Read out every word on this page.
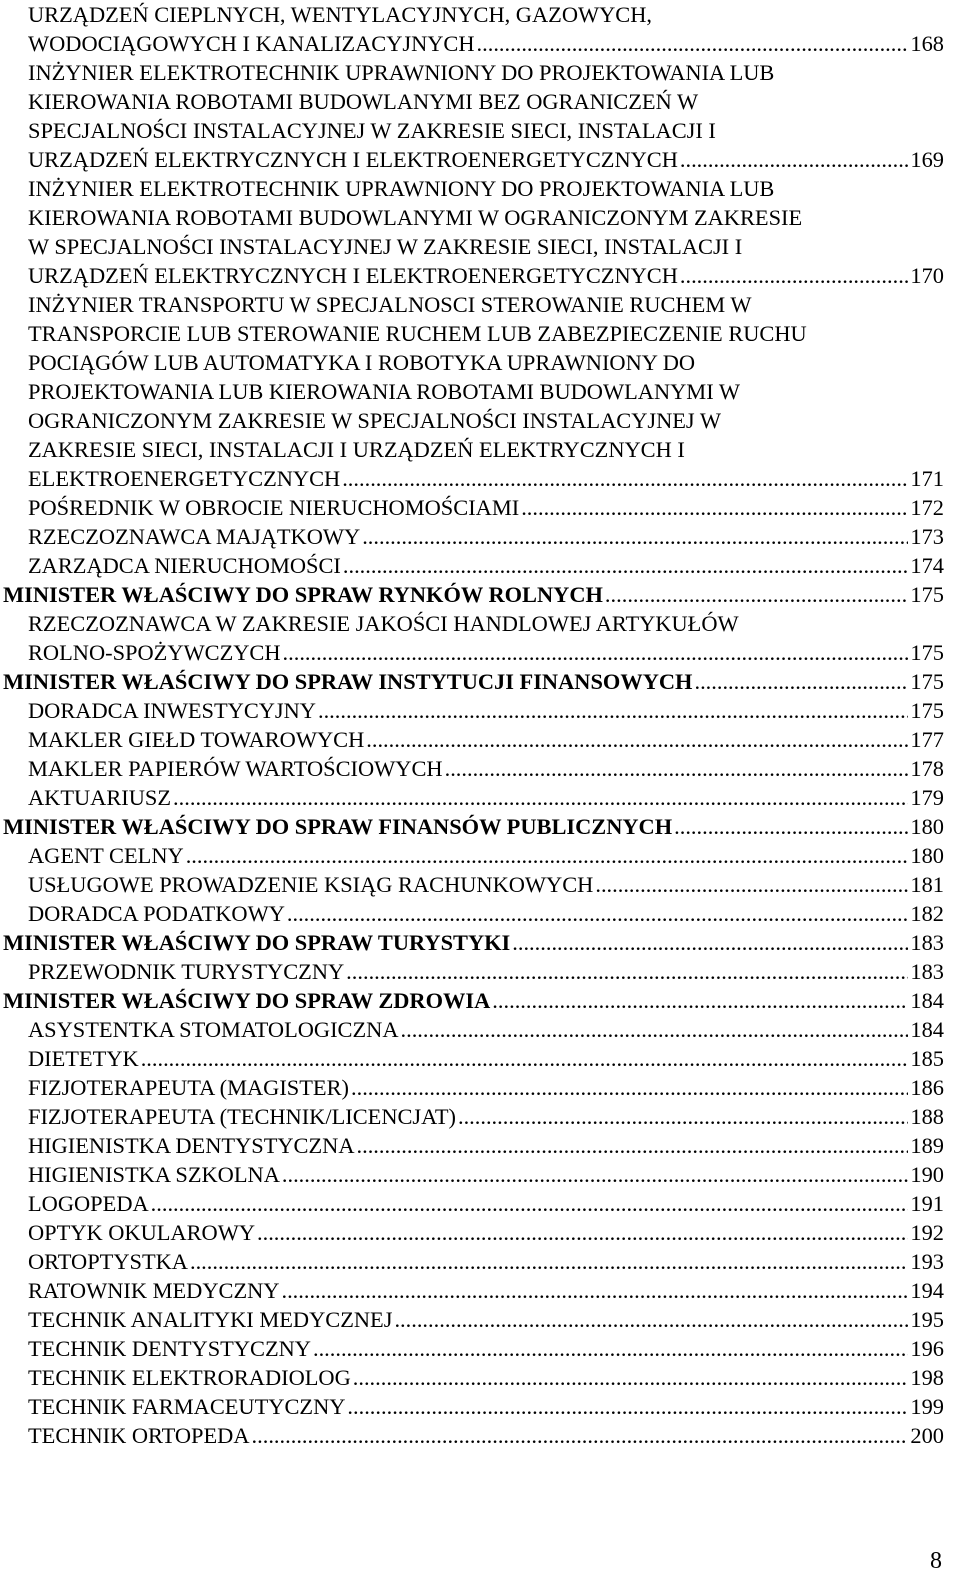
URZĄDZEŃ CIEPLNYCH, WENTYLACYJNYCH, GAZOWYCH,
WODOCIĄGOWYCH I KANALIZACYJNYCH .....	168
INŻYNIER ELEKTROTECHNIK UPRAWNIONY DO PROJEKTOWANIA LUB
KIEROWANIA ROBOTAMI BUDOWLANYMI BEZ OGRANICZEŃ W
SPECJALNOŚCI INSTALACYJNEJ W ZAKRESIE SIECI, INSTALACJI I
URZĄDZEŃ ELEKTRYCZNYCH I ELEKTROENERGETYCZNYCH .....	169
INŻYNIER ELEKTROTECHNIK UPRAWNIONY DO PROJEKTOWANIA LUB
KIEROWANIA ROBOTAMI BUDOWLANYMI W OGRANICZONYM ZAKRESIE
W SPECJALNOŚCI INSTALACYJNEJ W ZAKRESIE SIECI, INSTALACJI I
URZĄDZEŃ ELEKTRYCZNYCH I ELEKTROENERGETYCZNYCH .....	170
INŻYNIER TRANSPORTU W SPECJALNOSCI STEROWANIE RUCHEM W
TRANSPORCIE LUB STEROWANIE RUCHEM LUB ZABEZPIECZENIE RUCHU
POCIĄGÓW LUB AUTOMATYKA I ROBOTYKA UPRAWNIONY DO
PROJEKTOWANIA LUB KIEROWANIA ROBOTAMI BUDOWLANYMI W
OGRANICZONYM ZAKRESIE W SPECJALNOŚCI INSTALACYJNEJ W
ZAKRESIE SIECI, INSTALACJI I URZĄDZEŃ ELEKTRYCZNYCH I
ELEKTROENERGETYCZNYCH .....	171
POŚREDNIK W OBROCIE NIERUCHOMOŚCIAMI .....	172
RZECZOZNAWCA MAJĄTKOWY .....	173
ZARZĄDCA NIERUCHOMOŚCI .....	174
MINISTER WŁAŚCIWY DO SPRAW RYNKÓW ROLNYCH .....	175
RZECZOZNAWCA W ZAKRESIE JAKOŚCI HANDLOWEJ ARTYKUŁÓW
ROLNO-SPOŻYWCZYCH .....	175
MINISTER WŁAŚCIWY DO SPRAW INSTYTUCJI FINANSOWYCH .....	175
DORADCA INWESTYCYJNY .....	175
MAKLER GIEŁD TOWAROWYCH .....	177
MAKLER PAPIERÓW WARTOŚCIOWYCH .....	178
AKTUARIUSZ .....	179
MINISTER WŁAŚCIWY DO SPRAW FINANSÓW PUBLICZNYCH .....	180
AGENT CELNY .....	180
USŁUGOWE PROWADZENIE KSIĄG RACHUNKOWYCH .....	181
DORADCA PODATKOWY .....	182
MINISTER WŁAŚCIWY DO SPRAW TURYSTYKI .....	183
PRZEWODNIK TURYSTYCZNY .....	183
MINISTER WŁAŚCIWY DO SPRAW ZDROWIA .....	184
ASYSTENTKA STOMATOLOGICZNA .....	184
DIETETYK .....	185
FIZJOTERAPEUTA (MAGISTER) .....	186
FIZJOTERAPEUTA (TECHNIK/LICENCJAT) .....	188
HIGIENISTKA DENTYSTYCZNA .....	189
HIGIENISTKA SZKOLNA .....	190
LOGOPEDA .....	191
OPTYK OKULAROWY .....	192
ORTOPTYSTKA .....	193
RATOWNIK MEDYCZNY .....	194
TECHNIK ANALITYKI MEDYCZNEJ .....	195
TECHNIK DENTYSTYCZNY .....	196
TECHNIK ELEKTRORADIOLOG .....	198
TECHNIK FARMACEUTYCZNY .....	199
TECHNIK ORTOPEDA .....	200
8
